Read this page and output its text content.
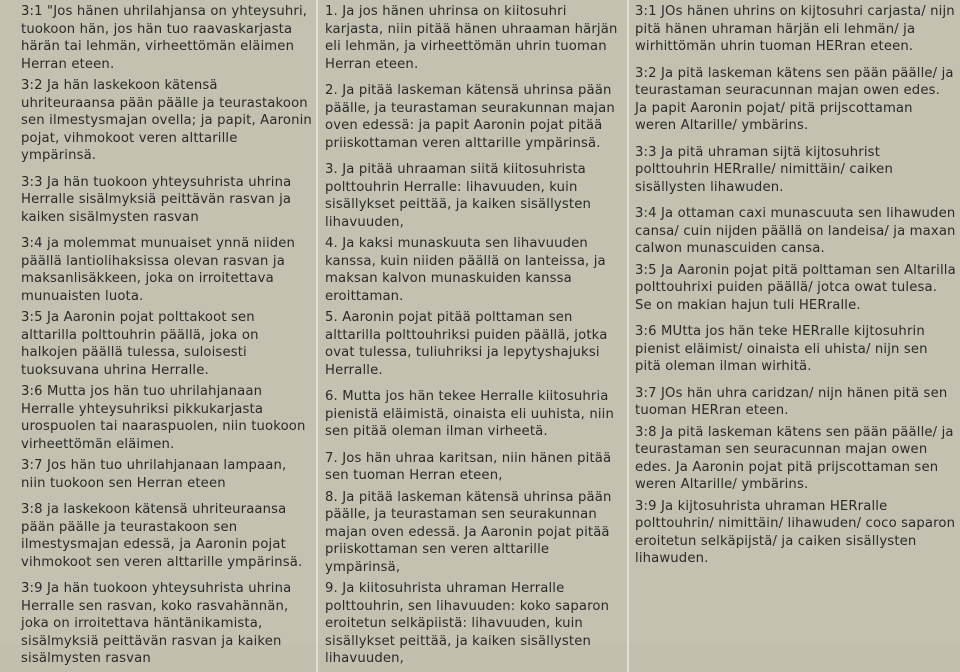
3:1 "Jos hänen uhrilahjansa on yhteysuhri, tuokoon hän, jos hän tuo raavaskarjasta härän tai lehmän, virheettömän eläimen Herran eteen.
3:2 Ja hän laskekoon kätensä uhriteuraansa pään päälle ja teurastakoon sen ilmestysmajan ovella; ja papit, Aaronin pojat, vihmokoot veren alttarille ympärinsä.
3:3 Ja hän tuokoon yhteysuhrista uhrina Herralle sisälmyksiä peittävän rasvan ja kaiken sisälmysten rasvan
3:4 ja molemmat munuaiset ynnä niiden päällä lantiolihaksissa olevan rasvan ja maksanlisäkkeen, joka on irroitettava munuaisten luota.
3:5 Ja Aaronin pojat polttakoot sen alttarilla polttouhrin päällä, joka on halkojen päällä tulessa, suloisesti tuoksuvana uhrina Herralle.
3:6 Mutta jos hän tuo uhrilahjanaan Herralle yhteysuhriksi pikkukarjasta urospuolen tai naaraspuolen, niin tuokoon virheettömän eläimen.
3:7 Jos hän tuo uhrilahjanaan lampaan, niin tuokoon sen Herran eteen
3:8 ja laskekoon kätensä uhriteuraansa pään päälle ja teurastakoon sen ilmestysmajan edessä, ja Aaronin pojat vihmokoot sen veren alttarille ympärinsä.
3:9 Ja hän tuokoon yhteysuhrista uhrina Herralle sen rasvan, koko rasvahännän, joka on irroitettava häntänikamista, sisälmyksiä peittävän rasvan ja kaiken sisälmysten rasvan
1. Ja jos hänen uhrinsa on kiitosuhri karjasta, niin pitää hänen uhraaman härjän eli lehmän, ja virheettömän uhrin tuoman Herran eteen.
2. Ja pitää laskeman kätensä uhrinsa pään päälle, ja teurastaman seurakunnan majan oven edessä: ja papit Aaronin pojat pitää priiskottaman veren alttarille ympärinsä.
3. Ja pitää uhraaman siitä kiitosuhrista polttouhrin Herralle: lihavuuden, kuin sisällykset peittää, ja kaiken sisällysten lihavuuden,
4. Ja kaksi munaskuuta sen lihavuuden kanssa, kuin niiden päällä on lanteissa, ja maksan kalvon munaskuiden kanssa eroittaman.
5. Aaronin pojat pitää polttaman sen alttarilla polttouhriksi puiden päällä, jotka ovat tulessa, tuliuhriksi ja lepytyshajuksi Herralle.
6. Mutta jos hän tekee Herralle kiitosuhria pienistä eläimistä, oinaista eli uuhista, niin sen pitää oleman ilman virheetä.
7. Jos hän uhraa karitsan, niin hänen pitää sen tuoman Herran eteen,
8. Ja pitää laskeman kätensä uhrinsa pään päälle, ja teurastaman sen seurakunnan majan oven edessä. Ja Aaronin pojat pitää priiskottaman sen veren alttarille ympärinsä,
9. Ja kiitosuhrista uhraman Herralle polttouhrin, sen lihavuuden: koko saparon eroitetun selkäpiistä: lihavuuden, kuin sisällykset peittää, ja kaiken sisällysten lihavuuden,
3:1 JOs hänen uhrins on kijtosuhri carjasta/ nijn pitä hänen uhraman härjän eli lehmän/ ja wirhittömän uhrin tuoman HERran eteen.
3:2 Ja pitä laskeman kätens sen pään päälle/ ja teurastaman seuracunnan majan owen edes. Ja papit Aaronin pojat/ pitä prijscottaman weren Altarille/ ymbärins.
3:3 Ja pitä uhraman sijtä kijtosuhrist polttouhrin HERralle/ nimittäin/ caiken sisällysten lihawuden.
3:4 Ja ottaman caxi munascuuta sen lihawuden cansa/ cuin nijden päällä on landeisa/ ja maxan calwon munascuiden cansa.
3:5 Ja Aaronin pojat pitä polttaman sen Altarilla polttouhrixi puiden päällä/ jotca owat tulesa. Se on makian hajun tuli HERralle.
3:6 MUtta jos hän teke HERralle kijtosuhrin pienist eläimist/ oinaista eli uhista/ nijn sen pitä oleman ilman wirhitä.
3:7 JOs hän uhra caridzan/ nijn hänen pitä sen tuoman HERran eteen.
3:8 Ja pitä laskeman kätens sen pään päälle/ ja teurastaman sen seuracunnan majan owen edes. Ja Aaronin pojat pitä prijscottaman sen weren Altarille/ ymbärins.
3:9 Ja kijtosuhrista uhraman HERralle polttouhrin/ nimittäin/ lihawuden/ coco saparon eroitetun selkäpijstä/ ja caiken sisällysten lihawuden.
